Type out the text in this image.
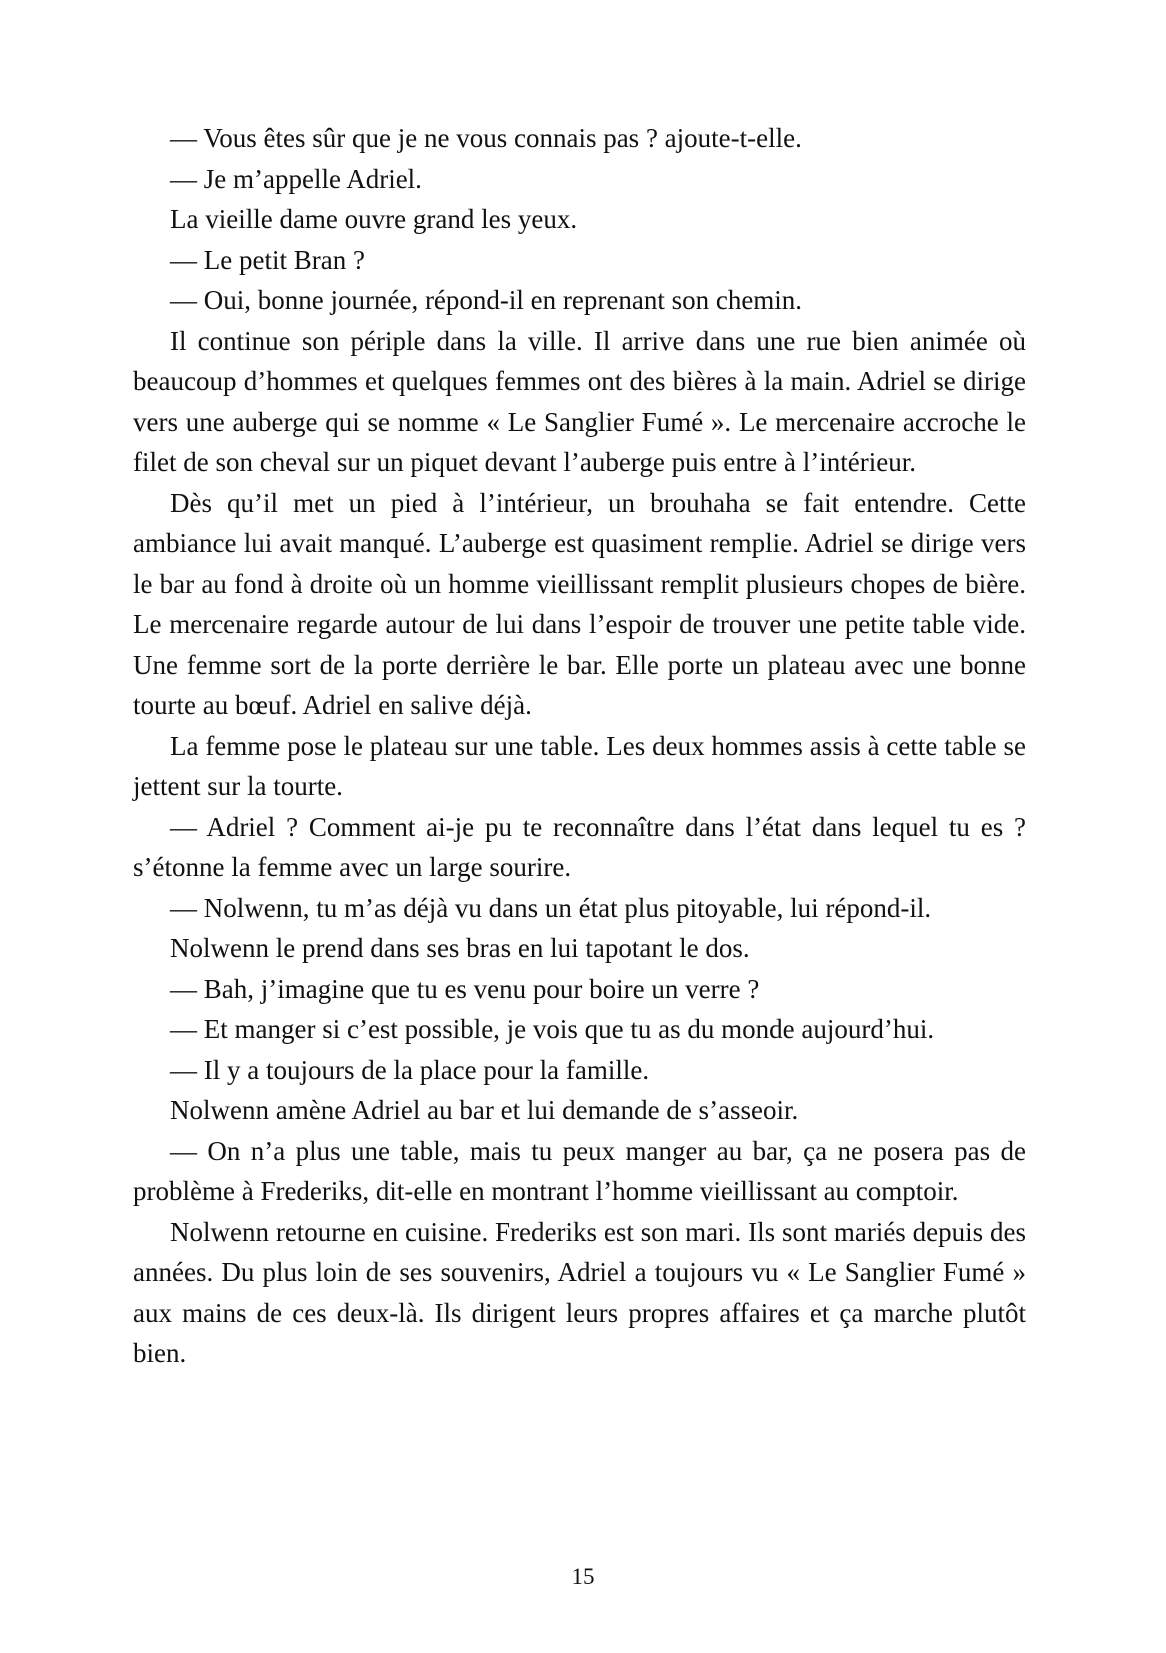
— Vous êtes sûr que je ne vous connais pas ? ajoute-t-elle.

— Je m’appelle Adriel.

La vieille dame ouvre grand les yeux.

— Le petit Bran ?

— Oui, bonne journée, répond-il en reprenant son chemin.

Il continue son périple dans la ville. Il arrive dans une rue bien animée où beaucoup d’hommes et quelques femmes ont des bières à la main. Adriel se dirige vers une auberge qui se nomme « Le Sanglier Fumé ». Le mercenaire accroche le filet de son cheval sur un piquet devant l’auberge puis entre à l’intérieur.

Dès qu’il met un pied à l’intérieur, un brouhaha se fait entendre. Cette ambiance lui avait manqué. L’auberge est quasiment remplie. Adriel se dirige vers le bar au fond à droite où un homme vieillissant remplit plusieurs chopes de bière. Le mercenaire regarde autour de lui dans l’espoir de trouver une petite table vide. Une femme sort de la porte derrière le bar. Elle porte un plateau avec une bonne tourte au bœuf. Adriel en salive déjà.

La femme pose le plateau sur une table. Les deux hommes assis à cette table se jettent sur la tourte.

— Adriel ? Comment ai-je pu te reconnaître dans l’état dans lequel tu es ? s’étonne la femme avec un large sourire.

— Nolwenn, tu m’as déjà vu dans un état plus pitoyable, lui répond-il.

Nolwenn le prend dans ses bras en lui tapotant le dos.

— Bah, j’imagine que tu es venu pour boire un verre ?

— Et manger si c’est possible, je vois que tu as du monde aujourd’hui.

— Il y a toujours de la place pour la famille.

Nolwenn amène Adriel au bar et lui demande de s’asseoir.

— On n’a plus une table, mais tu peux manger au bar, ça ne posera pas de problème à Frederiks, dit-elle en montrant l’homme vieillissant au comptoir.

Nolwenn retourne en cuisine. Frederiks est son mari. Ils sont mariés depuis des années. Du plus loin de ses souvenirs, Adriel a toujours vu « Le Sanglier Fumé » aux mains de ces deux-là. Ils dirigent leurs propres affaires et ça marche plutôt bien.

15
